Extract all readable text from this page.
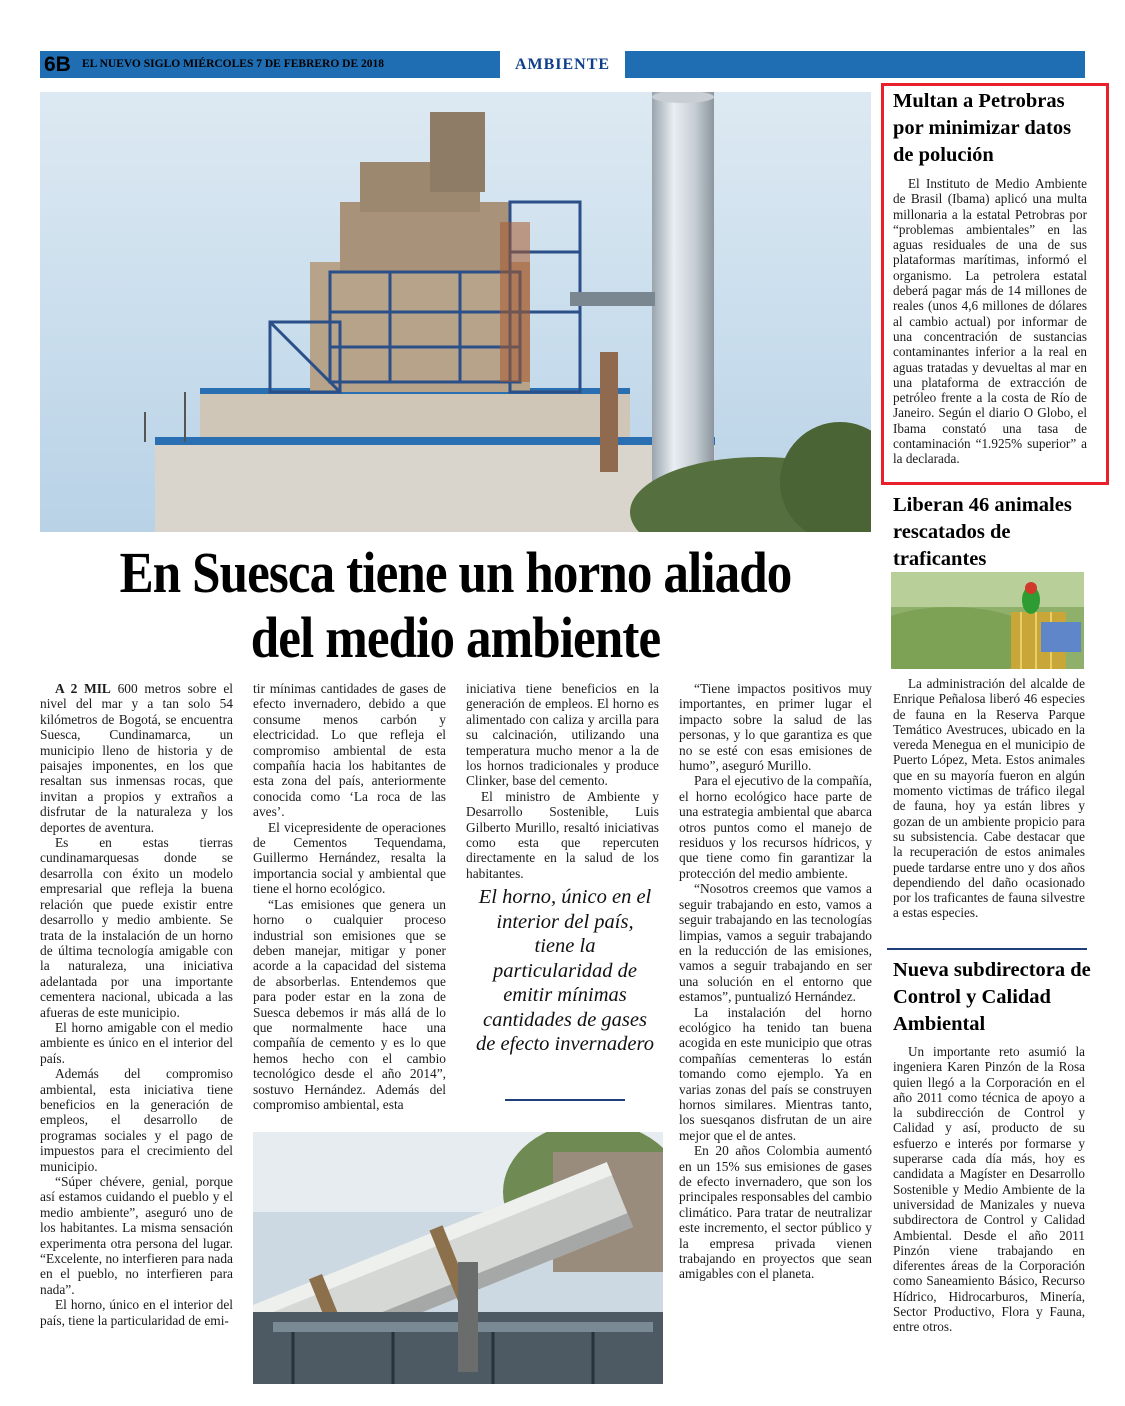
6B EL NUEVO SIGLO MIÉRCOLES 7 DE FEBRERO DE 2018	AMBIENTE
En Suesca tiene un horno aliado
del medio ambiente

A 2 MIL 600 metros sobre el nivel del mar y a tan solo 54 kilómetros de Bogotá, se encuentra Suesca, Cundinamarca, un municipio lleno de historia y de paisajes imponentes, en los que resaltan sus inmensas rocas, que invitan a propios y extraños a disfrutar de la naturaleza y los deportes de aventura.

Es en estas tierras cundinamarquesas donde se desarrolla con éxito un modelo empresarial que refleja la buena relación que puede existir entre desarrollo y medio ambiente. Se trata de la instalación de un horno de última tecnología amigable con la naturaleza, una iniciativa adelantada por una importante cementera nacional, ubicada a las afueras de este municipio.

El horno amigable con el medio ambiente es único en el interior del país.

Además del compromiso ambiental, esta iniciativa tiene beneficios en la generación de empleos, el desarrollo de programas sociales y el pago de impuestos para el crecimiento del municipio.

“Súper chévere, genial, porque así estamos cuidando el pueblo y el medio ambiente”, aseguró uno de los habitantes. La misma sensación experimenta otra persona del lugar. “Excelente, no interfieren para nada en el pueblo, no interfieren para nada”.

El horno, único en el interior del país, tiene la particularidad de emi-

tir mínimas cantidades de gases de efecto invernadero, debido a que consume menos carbón y electricidad. Lo que refleja el compromiso ambiental de esta compañía hacia los habitantes de esta zona del país, anteriormente conocida como ‘La roca de las aves’.

El vicepresidente de operaciones de Cementos Tequendama, Guillermo Hernández, resalta la importancia social y ambiental que tiene el horno ecológico.

“Las emisiones que genera un horno o cualquier proceso industrial son emisiones que se deben manejar, mitigar y poner acorde a la capacidad del sistema de absorberlas. Entendemos que para poder estar en la zona de Suesca debemos ir más allá de lo que normalmente hace una compañía de cemento y es lo que hemos hecho con el cambio tecnológico desde el año 2014”, sostuvo Hernández. Además del compromiso ambiental, esta

iniciativa tiene beneficios en la generación de empleos. El horno es alimentado con caliza y arcilla para su calcinación, utilizando una temperatura mucho menor a la de los hornos tradicionales y produce Clinker, base del cemento.

El ministro de Ambiente y Desarrollo Sostenible, Luis Gilberto Murillo, resaltó iniciativas como esta que repercuten directamente en la salud de los habitantes.

El horno, único en el interior del país, tiene la particularidad de emitir mínimas cantidades de gases de efecto invernadero

“Tiene impactos positivos muy importantes, en primer lugar el impacto sobre la salud de las personas, y lo que garantiza es que no se esté con esas emisiones de humo”, aseguró Murillo.

Para el ejecutivo de la compañía, el horno ecológico hace parte de una estrategia ambiental que abarca otros puntos como el manejo de residuos y los recursos hídricos, y que tiene como fin garantizar la protección del medio ambiente.

“Nosotros creemos que vamos a seguir trabajando en esto, vamos a seguir trabajando en las tecnologías limpias, vamos a seguir trabajando en la reducción de las emisiones, vamos a seguir trabajando en ser una solución en el entorno que estamos”, puntualizó Hernández.

La instalación del horno ecológico ha tenido tan buena acogida en este municipio que otras compañías cementeras lo están tomando como ejemplo. Ya en varias zonas del país se construyen hornos similares. Mientras tanto, los suesqanos disfrutan de un aire mejor que el de antes.

En 20 años Colombia aumentó en un 15% sus emisiones de gases de efecto invernadero, que son los principales responsables del cambio climático. Para tratar de neutralizar este incremento, el sector público y la empresa privada vienen trabajando en proyectos que sean amigables con el planeta.

Multan a Petrobras por minimizar datos de polución

El Instituto de Medio Ambiente de Brasil (Ibama) aplicó una multa millonaria a la estatal Petrobras por “problemas ambientales” en las aguas residuales de una de sus plataformas marítimas, informó el organismo. La petrolera estatal deberá pagar más de 14 millones de reales (unos 4,6 millones de dólares al cambio actual) por informar de una concentración de sustancias contaminantes inferior a la real en aguas tratadas y devueltas al mar en una plataforma de extracción de petróleo frente a la costa de Río de Janeiro. Según el diario O Globo, el Ibama constató una tasa de contaminación “1.925% superior” a la declarada.

Liberan 46 animales rescatados de traficantes

La administración del alcalde de Enrique Peñalosa liberó 46 especies de fauna en la Reserva Parque Temático Avestruces, ubicado en la vereda Menegua en el municipio de Puerto López, Meta. Estos animales que en su mayoría fueron en algún momento victimas de tráfico ilegal de fauna, hoy ya están libres y gozan de un ambiente propicio para su subsistencia. Cabe destacar que la recuperación de estos animales puede tardarse entre uno y dos años dependiendo del daño ocasionado por los traficantes de fauna silvestre a estas especies.

Nueva subdirectora de Control y Calidad Ambiental

Un importante reto asumió la ingeniera Karen Pinzón de la Rosa quien llegó a la Corporación en el año 2011 como técnica de apoyo a la subdirección de Control y Calidad y así, producto de su esfuerzo e interés por formarse y superarse cada día más, hoy es candidata a Magíster en Desarrollo Sostenible y Medio Ambiente de la universidad de Manizales y nueva subdirectora de Control y Calidad Ambiental. Desde el año 2011 Pinzón viene trabajando en diferentes áreas de la Corporación como Saneamiento Básico, Recurso Hídrico, Hidrocarburos, Minería, Sector Productivo, Flora y Fauna, entre otros.
